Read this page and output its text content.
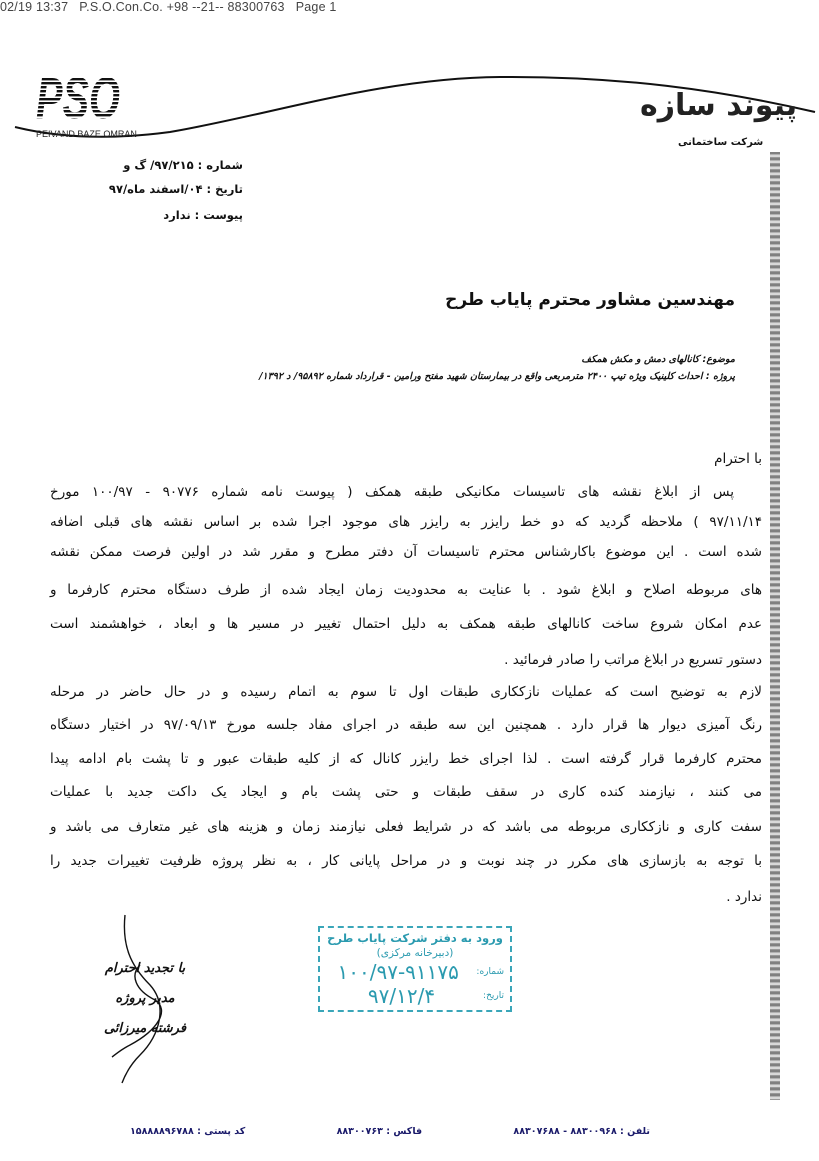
02/19 13:37   P.S.O.Con.Co. +98 --21-- 88300763   Page 1
PSO
PEIVAND BAZE OMRAN
پیوند سازه
شرکت ساختمانی
شماره : ۹۷/۲۱۵/ گ و
تاریخ : ۰۴/اسفند ماه/۹۷
پیوست : ندارد
مهندسین مشاور محترم پایاب طرح
موضوع: کانالهای دمش و مکش همکف
پروژه : احداث کلینیک ویژه تیپ ۲۴۰۰ مترمربعی واقع در بیمارستان شهید مفتح ورامین - قرارداد شماره ۹۵۸۹۲/ د ۱۳۹۲/
با احترام
پس از ابلاغ نقشه های تاسیسات مکانیکی طبقه همکف ( پیوست نامه شماره ۹۰۷۷۶ - ۱۰۰/۹۷ مورخ
۹۷/۱۱/۱۴ ) ملاحظه گردید که دو خط رایزر به رایزر های موجود اجرا شده بر اساس نقشه های قبلی اضافه
شده است . این موضوع باکارشناس محترم تاسیسات آن دفتر مطرح و مقرر شد در اولین فرصت ممکن نقشه
های مربوطه اصلاح و ابلاغ شود . با عنایت به محدودیت زمان ایجاد شده از طرف دستگاه محترم کارفرما و
عدم امکان شروع ساخت کانالهای طبقه همکف به دلیل احتمال تغییر در مسیر ها و ابعاد ، خواهشمند است
دستور تسریع در ابلاغ مراتب را صادر فرمائید .
لازم به توضیح است که عملیات نازککاری طبقات اول تا سوم به اتمام رسیده و در حال حاضر در مرحله
رنگ آمیزی دیوار ها قرار دارد . همچنین این سه طبقه در اجرای مفاد جلسه مورخ ۹۷/۰۹/۱۳ در اختیار دستگاه
محترم کارفرما قرار گرفته است . لذا اجرای خط رایزر کانال که از کلیه طبقات عبور و تا پشت بام ادامه پیدا
می کنند ، نیازمند کنده کاری در سقف طبقات و حتی پشت بام و ایجاد یک داکت جدید با عملیات
سفت کاری و نازککاری مربوطه می باشد که در شرایط فعلی نیازمند زمان و هزینه های غیر متعارف می باشد و
با توجه به بازسازی های مکرر در چند نوبت و در مراحل پایانی کار ، به نظر پروژه ظرفیت تغییرات جدید را
ندارد .
ورود به دفتر شرکت پایاب طرح
(دبیرخانه مرکزی)
شماره:
۱۰۰/۹۷-۹۱۱۷۵
تاریخ:
۹۷/۱۲/۴
با تجدید احترام
مدیر پروژه
فرشته میرزائی
تلفن : ۸۸۳۰۰۹۶۸ - ۸۸۳۰۷۶۸۸
فاکس : ۸۸۳۰۰۷۶۳
کد پستی : ۱۵۸۸۸۸۹۶۷۸۸
